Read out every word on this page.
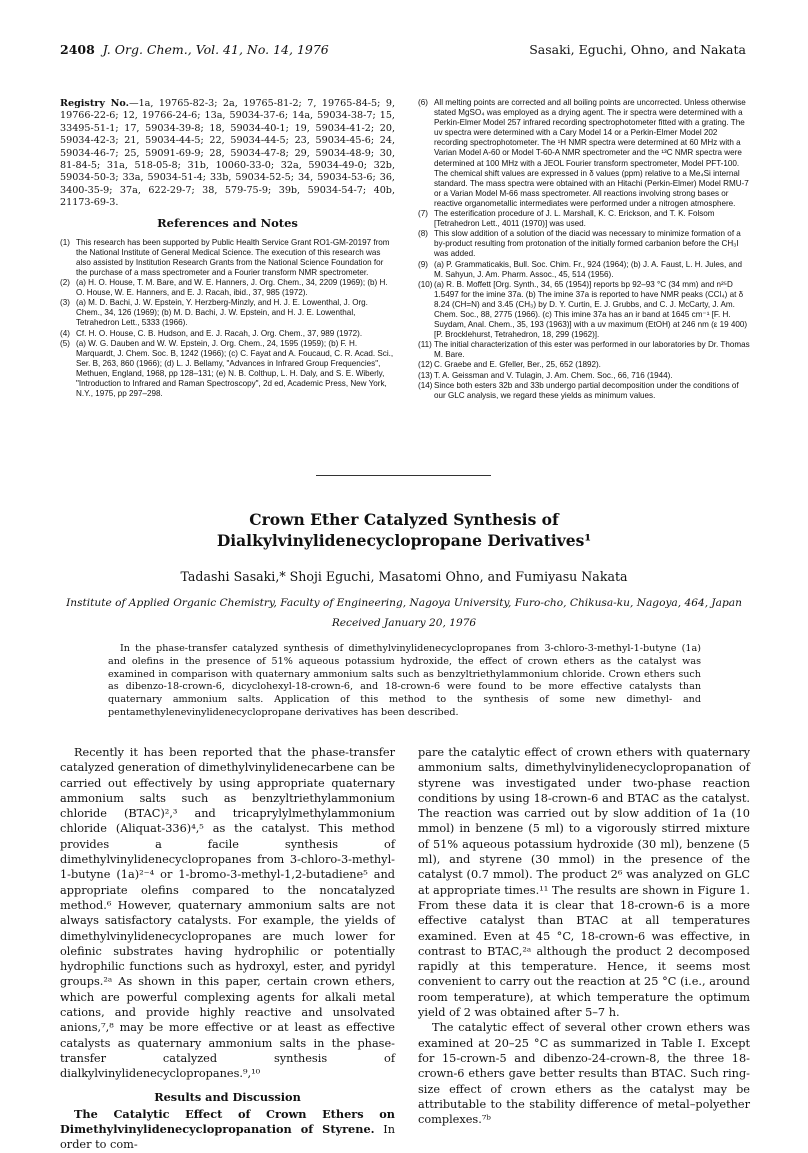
2408 J. Org. Chem., Vol. 41, No. 14, 1976	Sasaki, Eguchi, Ohno, and Nakata

Registry No.—1a, 19765-82-3; 2a, 19765-81-2; 7, 19765-84-5; 9, 19766-22-6; 12, 19766-24-6; 13a, 59034-37-6; 14a, 59034-38-7; 15, 33495-51-1; 17, 59034-39-8; 18, 59034-40-1; 19, 59034-41-2; 20, 59034-42-3; 21, 59034-44-5; 22, 59034-44-5; 23, 59034-45-6; 24, 59034-46-7; 25, 59091-69-9; 28, 59034-47-8; 29, 59034-48-9; 30, 81-84-5; 31a, 518-05-8; 31b, 10060-33-0; 32a, 59034-49-0; 32b, 59034-50-3; 33a, 59034-51-4; 33b, 59034-52-5; 34, 59034-53-6; 36, 3400-35-9; 37a, 622-29-7; 38, 579-75-9; 39b, 59034-54-7; 40b, 21173-69-3.

References and Notes
(1) This research has been supported by Public Health Service Grant RO1-GM-20197 from the National Institute of General Medical Science. The execution of this research was also assisted by Institution Research Grants from the National Science Foundation for the purchase of a mass spectrometer and a Fourier transform NMR spectrometer.
(2) (a) H. O. House, T. M. Bare, and W. E. Hanners, J. Org. Chem., 34, 2209 (1969); (b) H. O. House, W. E. Hanners, and E. J. Racah, ibid., 37, 985 (1972).
(3) (a) M. D. Bachi, J. W. Epstein, Y. Herzberg-Minzly, and H. J. E. Lowenthal, J. Org. Chem., 34, 126 (1969); (b) M. D. Bachi, J. W. Epstein, and H. J. E. Lowenthal, Tetrahedron Lett., 5333 (1966).
(4) Cf. H. O. House, C. B. Hudson, and E. J. Racah, J. Org. Chem., 37, 989 (1972).
(5) (a) W. G. Dauben and W. W. Epstein, J. Org. Chem., 24, 1595 (1959); (b) F. H. Marquardt, J. Chem. Soc. B, 1242 (1966); (c) C. Fayat and A. Foucaud, C. R. Acad. Sci., Ser. B, 263, 860 (1966); (d) L. J. Bellamy, "Advances in Infrared Group Frequencies", Methuen, England, 1968, pp 128–131; (e) N. B. Colthup, L. H. Daly, and S. E. Wiberly, "Introduction to Infrared and Raman Spectroscopy", 2d ed, Academic Press, New York, N.Y., 1975, pp 297–298.
(6) All melting points are corrected and all boiling points are uncorrected. Unless otherwise stated MgSO₄ was employed as a drying agent. The ir spectra were determined with a Perkin-Elmer Model 257 infrared recording spectrophotometer fitted with a grating. The uv spectra were determined with a Cary Model 14 or a Perkin-Elmer Model 202 recording spectrophotometer. The ¹H NMR spectra were determined at 60 MHz with a Varian Model A-60 or Model T-60-A NMR spectrometer and the ¹³C NMR spectra were determined at 100 MHz with a JEOL Fourier transform spectrometer, Model PFT-100. The chemical shift values are expressed in δ values (ppm) relative to a Me₄Si internal standard. The mass spectra were obtained with an Hitachi (Perkin-Elmer) Model RMU-7 or a Varian Model M-66 mass spectrometer. All reactions involving strong bases or reactive organometallic intermediates were performed under a nitrogen atmosphere.
(7) The esterification procedure of J. L. Marshall, K. C. Erickson, and T. K. Folsom [Tetrahedron Lett., 4011 (1970)] was used.
(8) This slow addition of a solution of the diacid was necessary to minimize formation of a by-product resulting from protonation of the initially formed carbanion before the CH₃I was added.
(9) (a) P. Grammaticakis, Bull. Soc. Chim. Fr., 924 (1964); (b) J. A. Faust, L. H. Jules, and M. Sahyun, J. Am. Pharm. Assoc., 45, 514 (1956).
(10) (a) R. B. Moffett [Org. Synth., 34, 65 (1954)] reports bp 92–93 °C (34 mm) and n²⁵D 1.5497 for the imine 37a. (b) The imine 37a is reported to have NMR peaks (CCl₄) at δ 8.24 (CH=N) and 3.45 (CH₃) by D. Y. Curtin, E. J. Grubbs, and C. J. McCarty, J. Am. Chem. Soc., 88, 2775 (1966). (c) This imine 37a has an ir band at 1645 cm⁻¹ [F. H. Suydam, Anal. Chem., 35, 193 (1963)] with a uv maximum (EtOH) at 246 nm (ε 19 400) [P. Brocklehurst, Tetrahedron, 18, 299 (1962)].
(11) The initial characterization of this ester was performed in our laboratories by Dr. Thomas M. Bare.
(12) C. Graebe and E. Gfeller, Ber., 25, 652 (1892).
(13) T. A. Geissman and V. Tulagin, J. Am. Chem. Soc., 66, 716 (1944).
(14) Since both esters 32b and 33b undergo partial decomposition under the conditions of our GLC analysis, we regard these yields as minimum values.
Crown Ether Catalyzed Synthesis of
Dialkylvinylidenecyclopropane Derivatives¹
Tadashi Sasaki,* Shoji Eguchi, Masatomi Ohno, and Fumiyasu Nakata
Institute of Applied Organic Chemistry, Faculty of Engineering, Nagoya University, Furo-cho, Chikusa-ku, Nagoya, 464, Japan
Received January 20, 1976

In the phase-transfer catalyzed synthesis of dimethylvinylidenecyclopropanes from 3-chloro-3-methyl-1-butyne (1a) and olefins in the presence of 51% aqueous potassium hydroxide, the effect of crown ethers as the catalyst was examined in comparison with quaternary ammonium salts such as benzyltriethylammonium chloride. Crown ethers such as dibenzo-18-crown-6, dicyclohexyl-18-crown-6, and 18-crown-6 were found to be more effective catalysts than quaternary ammonium salts. Application of this method to the synthesis of some new dimethyl- and pentamethylenevinylidenecyclopropane derivatives has been described.

Recently it has been reported that the phase-transfer catalyzed generation of dimethylvinylidenecarbene can be carried out effectively by using appropriate quaternary ammonium salts such as benzyltriethylammonium chloride (BTAC)²,³ and tricaprylylmethylammonium chloride (Aliquat-336)⁴,⁵ as the catalyst. This method provides a facile synthesis of dimethylvinylidenecyclopropanes from 3-chloro-3-methyl-1-butyne (1a)²⁻⁴ or 1-bromo-3-methyl-1,2-butadiene⁵ and appropriate olefins compared to the noncatalyzed method.⁶ However, quaternary ammonium salts are not always satisfactory catalysts. For example, the yields of dimethylvinylidenecyclopropanes are much lower for olefinic substrates having hydrophilic or potentially hydrophilic functions such as hydroxyl, ester, and pyridyl groups.²ᵃ As shown in this paper, certain crown ethers, which are powerful complexing agents for alkali metal cations, and provide highly reactive and unsolvated anions,⁷,⁸ may be more effective or at least as effective catalysts as quaternary ammonium salts in the phase-transfer catalyzed synthesis of dialkylvinylidenecyclopropanes.⁹,¹⁰

Results and Discussion

The Catalytic Effect of Crown Ethers on Dimethylvinylidenecyclopropanation of Styrene. In order to com-

pare the catalytic effect of crown ethers with quaternary ammonium salts, dimethylvinylidenecyclopropanation of styrene was investigated under two-phase reaction conditions by using 18-crown-6 and BTAC as the catalyst. The reaction was carried out by slow addition of 1a (10 mmol) in benzene (5 ml) to a vigorously stirred mixture of 51% aqueous potassium hydroxide (30 ml), benzene (5 ml), and styrene (30 mmol) in the presence of the catalyst (0.7 mmol). The product 2⁶ was analyzed on GLC at appropriate times.¹¹ The results are shown in Figure 1. From these data it is clear that 18-crown-6 is a more effective catalyst than BTAC at all temperatures examined. Even at 45 °C, 18-crown-6 was effective, in contrast to BTAC,²ᵃ although the product 2 decomposed rapidly at this temperature. Hence, it seems most convenient to carry out the reaction at 25 °C (i.e., around room temperature), at which temperature the optimum yield of 2 was obtained after 5–7 h.

The catalytic effect of several other crown ethers was examined at 20–25 °C as summarized in Table I. Except for 15-crown-5 and dibenzo-24-crown-8, the three 18-crown-6 ethers gave better results than BTAC. Such ring-size effect of crown ethers as the catalyst may be attributable to the stability difference of metal–polyether complexes.⁷ᵇ
